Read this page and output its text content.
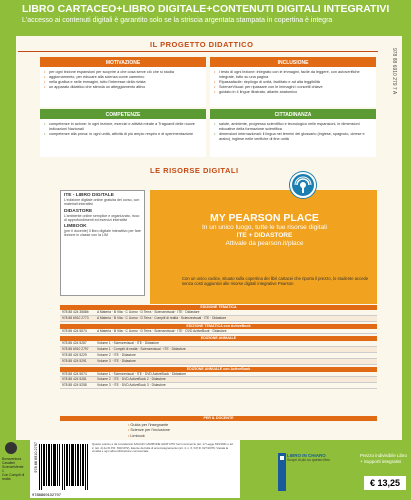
LIBRO CARTACEO+LIBRO DIGITALE+CONTENUTI DIGITALI INTEGRATIVI
L'accesso ai contenuti digitali è garantito solo se la striscia argentata stampata in copertina è integra
978 88 6910 279 7 A
IL PROGETTO DIDATTICO
MOTIVAZIONE
• per ogni lezione espansioni per scoprire a che cosa serve ciò che si studia
• aggiornamento, per educare alla scienza come cammino
• nella grafica e nelle immagini, tutto l'interesse della rivista
• un apparato didattico che stimola un atteggiamento attivo
INCLUSIONE
• i testo di ogni lezione: integrato con le immagini, facile da leggere, con autoverifiche integrate, tutto su una pagina
• Ripassafacile: riepilogo di unità, facilitato e ad alta leggibilità
• ScienzeVisual: per ripassare con le immagini i concetti chiave
• guidato in 4 lingue illustrato, atlante anatomico
COMPETENZE
• competenze in azione: in ogni lezione, esercizi e attività mirate a Traguardi delle nuove Indicazioni Nazionali
• competenze alla prova: in ogni unità, attività di più ampio respiro e di sperimentazione
CITTADINANZA
• salute, ambiente, progresso scientifico e tecnologico nelle espansioni, le dimensioni educative della formazione scientifica
• dimensioni internazionali: il lingua nei termini del glossario (inglese, spagnolo, cinese e arabo), inglese nelle verifiche di fine unità
LE RISORSE DIGITALI
ITE - LIBRO DIGITALE
L'edizione digitale online gratuita del corso, con materiali interattivi
DIDASTORE
L'ambiente online semplice e organizzato, ricco di approfondimenti ed esercizi interattivi
LIMBOOK
(per il docente) Il libro digitale interattivo per fare lezione in classe con la LIM
MY PEARSON PLACE
In un unico luogo, tutte le tue risorse digitali
ITE + DIDASTORE
Attivale da pearson.it/place
Con un unico codice, situato sulla copertina dei libri cartacei che riporta il prezzo, lo studente accede senza costi aggiuntivi alle risorse digitali integrative Pearson
EDIZIONE TEMATICA
978 88 424 3568b	A Materia · B Vita · C Uomo · D Terra · Scienzevisual · ITE · Didastore
978 88 6910 2773	A Materia · B Vita · C Uomo · D Terra · Compiti di realtà · Scienzevisual · ITE · Didastore
EDIZIONE TEMATICA con ActiveBook
978 88 424 5574	A Materia · B Vita · C Uomo · D Terra · Scienzevisual · ITE · DVD ActiveBook · Didastore
EDIZIONE ANNUALE
978 88 424 5287	Volume 1 · Scienzevisual · ITE · Didastore
978 88 6910 2797	Volume 1 · Compiti di realtà · Scienzevisual · ITE · Didastore
978 88 424 5229	Volume 2 · ITE · Didastore
978 88 424 5291	Volume 3 · ITE · Didastore
EDIZIONE ANNUALE con ActiveBook
978 88 424 5574	Volume 1 · Scienzevisual · ITE · DVD ActiveBook · Didastore
978 88 424 5281	Volume 2 · ITE · DVD ActiveBook 2 · Didastore
978 88 424 5258	Volume 3 · ITE · DVD ActiveBook 3 · Didastore
PER IL DOCENTE
• Guida per l'insegnante
• Scienze per l'inclusione
• Limbook
Bonaventura Cavalieri
ScienzeMente 1
Con Compiti di realtà
978 88 6910 2797
9788869102797
Questo volume è da considerarsi SAGGIO CAMPIONE GRATUITO fuori commercio (art. 17 Legge 633/1941 e art. 2, lett. d) del D.P.R. 633/1972). Esente da bolla di accompagnamento (art. 4, n. 6, D.P.R. 627/1978). Vietata la vendita e ogni altra utilizzazione commerciale.
LIBRO IN CHIARO
Scopri di più su questo libro
Prezzo indivisibile Libro + Supporti integrativi
€ 13,25
